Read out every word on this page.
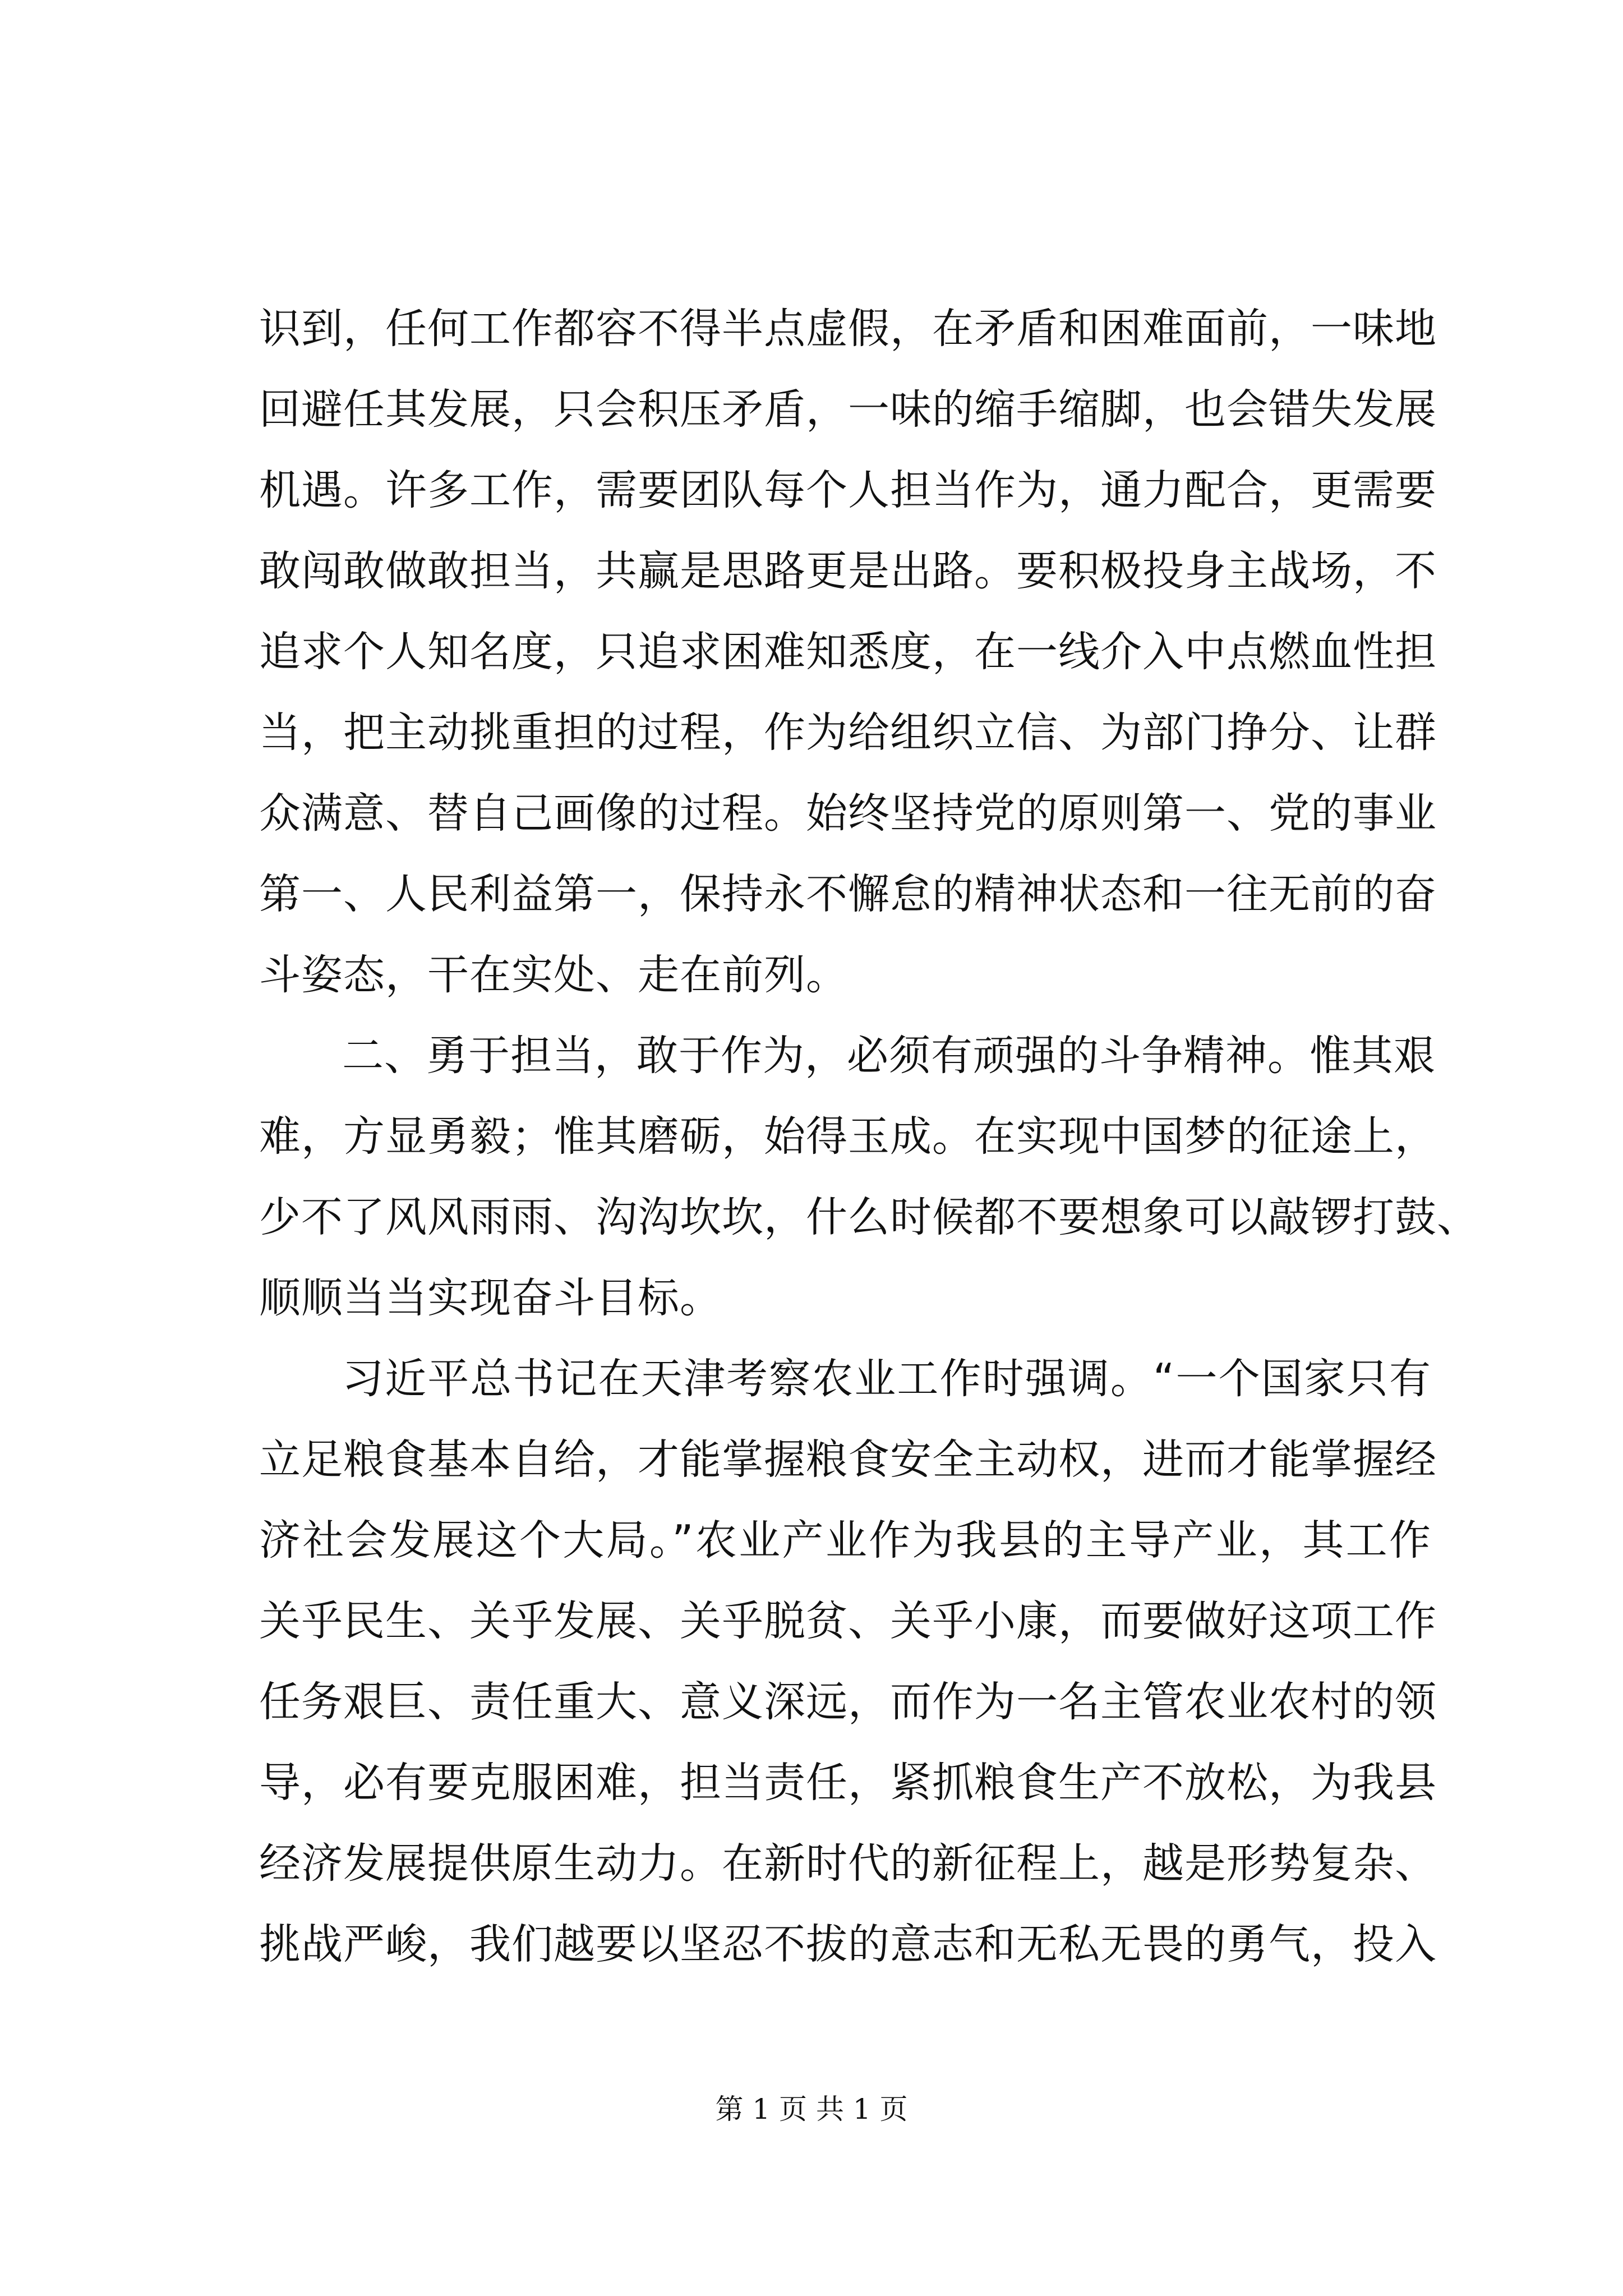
识到，任何工作都容不得半点虚假，在矛盾和困难面前，一味地
回避任其发展，只会积压矛盾，一味的缩手缩脚，也会错失发展
机遇。许多工作，需要团队每个人担当作为，通力配合，更需要
敢闯敢做敢担当，共赢是思路更是出路。要积极投身主战场，不
追求个人知名度，只追求困难知悉度，在一线介入中点燃血性担
当，把主动挑重担的过程，作为给组织立信、为部门挣分、让群
众满意、替自己画像的过程。始终坚持党的原则第一、党的事业
第一、人民利益第一，保持永不懈怠的精神状态和一往无前的奋
斗姿态，干在实处、走在前列。
二、勇于担当，敢于作为，必须有顽强的斗争精神。惟其艰
难，方显勇毅；惟其磨砺，始得玉成。在实现中国梦的征途上，
少不了风风雨雨、沟沟坎坎，什么时候都不要想象可以敲锣打鼓、
顺顺当当实现奋斗目标。
习近平总书记在天津考察农业工作时强调。“一个国家只有
立足粮食基本自给，才能掌握粮食安全主动权，进而才能掌握经
济社会发展这个大局。”农业产业作为我县的主导产业，其工作
关乎民生、关乎发展、关乎脱贫、关乎小康，而要做好这项工作
任务艰巨、责任重大、意义深远，而作为一名主管农业农村的领
导，必有要克服困难，担当责任，紧抓粮食生产不放松，为我县
经济发展提供原生动力。在新时代的新征程上，越是形势复杂、
挑战严峻，我们越要以坚忍不拔的意志和无私无畏的勇气，投入
第 1 页 共 1 页
